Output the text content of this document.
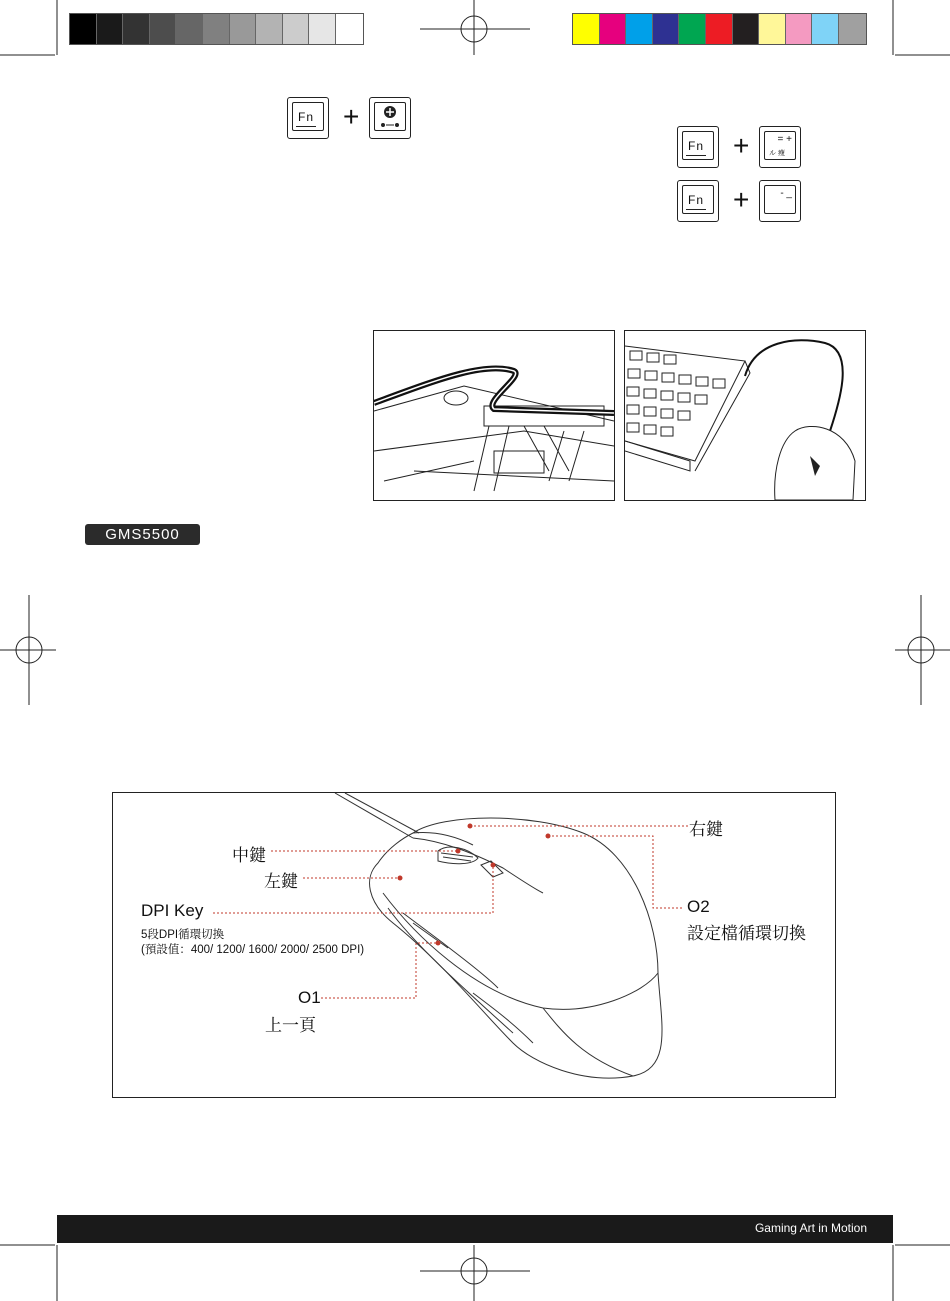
Fn +
Fn +	= +
ル 瘦
Fn +	- _
GMS5500
右鍵
中鍵
左鍵
DPI Key
5段DPI循環切換
(預設值：400/ 1200/ 1600/ 2000/ 2500 DPI)
O2
設定檔循環切換
O1
上一頁
Gaming Art in Motion
